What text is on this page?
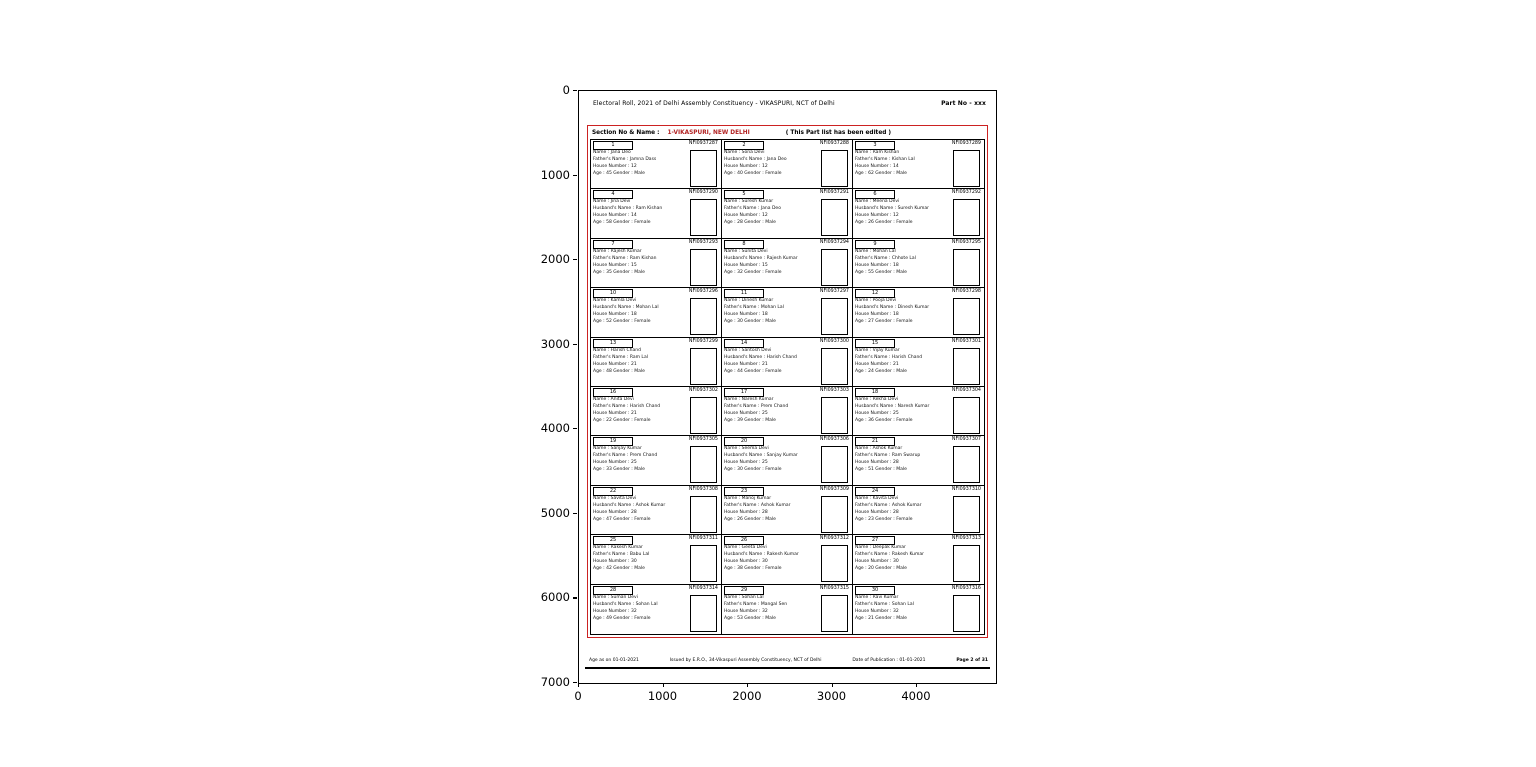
Electoral Roll, 2021 of Delhi Assembly Constituency - VIKASPURI, NCT of Delhi	Part No - xxx
Section No & Name : 1-VIKASPURI, NEW DELHI	( This Part list has been edited )
1	NFI0937287
Name : Jana Deo
Father's Name : Jamna Dass
House Number : 12
Age : 45 Gender : Male
2	NFI0937288
Name : Sona Devi
Husband's Name : Jana Deo
House Number : 12
Age : 40 Gender : Female
3	NFI0937289
Name : Ram Kishan
Father's Name : Kishan Lal
House Number : 14
Age : 62 Gender : Male
4	NFI0937290
Name : Jina Devi
Husband's Name : Ram Kishan
House Number : 14
Age : 58 Gender : Female
5	NFI0937291
Name : Suresh Kumar
Father's Name : Jana Deo
House Number : 12
Age : 28 Gender : Male
6	NFI0937292
Name : Meena Devi
Husband's Name : Suresh Kumar
House Number : 12
Age : 26 Gender : Female
7	NFI0937293
Name : Rajesh Kumar
Father's Name : Ram Kishan
House Number : 15
Age : 35 Gender : Male
8	NFI0937294
Name : Sunita Devi
Husband's Name : Rajesh Kumar
House Number : 15
Age : 32 Gender : Female
9	NFI0937295
Name : Mohan Lal
Father's Name : Chhote Lal
House Number : 18
Age : 55 Gender : Male
10	NFI0937296
Name : Kamla Devi
Husband's Name : Mohan Lal
House Number : 18
Age : 52 Gender : Female
11	NFI0937297
Name : Dinesh Kumar
Father's Name : Mohan Lal
House Number : 18
Age : 30 Gender : Male
12	NFI0937298
Name : Pooja Devi
Husband's Name : Dinesh Kumar
House Number : 18
Age : 27 Gender : Female
13	NFI0937299
Name : Harish Chand
Father's Name : Ram Lal
House Number : 21
Age : 48 Gender : Male
14	NFI0937300
Name : Santosh Devi
Husband's Name : Harish Chand
House Number : 21
Age : 44 Gender : Female
15	NFI0937301
Name : Vijay Kumar
Father's Name : Harish Chand
House Number : 21
Age : 24 Gender : Male
16	NFI0937302
Name : Anita Devi
Father's Name : Harish Chand
House Number : 21
Age : 22 Gender : Female
17	NFI0937303
Name : Naresh Kumar
Father's Name : Prem Chand
House Number : 25
Age : 39 Gender : Male
18	NFI0937304
Name : Rekha Devi
Husband's Name : Naresh Kumar
House Number : 25
Age : 36 Gender : Female
19	NFI0937305
Name : Sanjay Kumar
Father's Name : Prem Chand
House Number : 25
Age : 33 Gender : Male
20	NFI0937306
Name : Seema Devi
Husband's Name : Sanjay Kumar
House Number : 25
Age : 30 Gender : Female
21	NFI0937307
Name : Ashok Kumar
Father's Name : Ram Swarup
House Number : 28
Age : 51 Gender : Male
22	NFI0937308
Name : Savita Devi
Husband's Name : Ashok Kumar
House Number : 28
Age : 47 Gender : Female
23	NFI0937309
Name : Manoj Kumar
Father's Name : Ashok Kumar
House Number : 28
Age : 26 Gender : Male
24	NFI0937310
Name : Kavita Devi
Father's Name : Ashok Kumar
House Number : 28
Age : 23 Gender : Female
25	NFI0937311
Name : Rakesh Kumar
Father's Name : Babu Lal
House Number : 30
Age : 42 Gender : Male
26	NFI0937312
Name : Geeta Devi
Husband's Name : Rakesh Kumar
House Number : 30
Age : 38 Gender : Female
27	NFI0937313
Name : Deepak Kumar
Father's Name : Rakesh Kumar
House Number : 30
Age : 20 Gender : Male
28	NFI0937314
Name : Suman Devi
Husband's Name : Sohan Lal
House Number : 32
Age : 49 Gender : Female
29	NFI0937315
Name : Sohan Lal
Father's Name : Mangal Sen
House Number : 32
Age : 53 Gender : Male
30	NFI0937316
Name : Ravi Kumar
Father's Name : Sohan Lal
House Number : 32
Age : 21 Gender : Male
Age as on 01-01-2021	Issued by E.R.O., 34-Vikaspuri Assembly Constituency, NCT of Delhi	Date of Publication : 01-01-2021	Page 2 of 31
0
1000
2000
3000
4000
5000
6000
7000
0	1000	2000	3000	4000
